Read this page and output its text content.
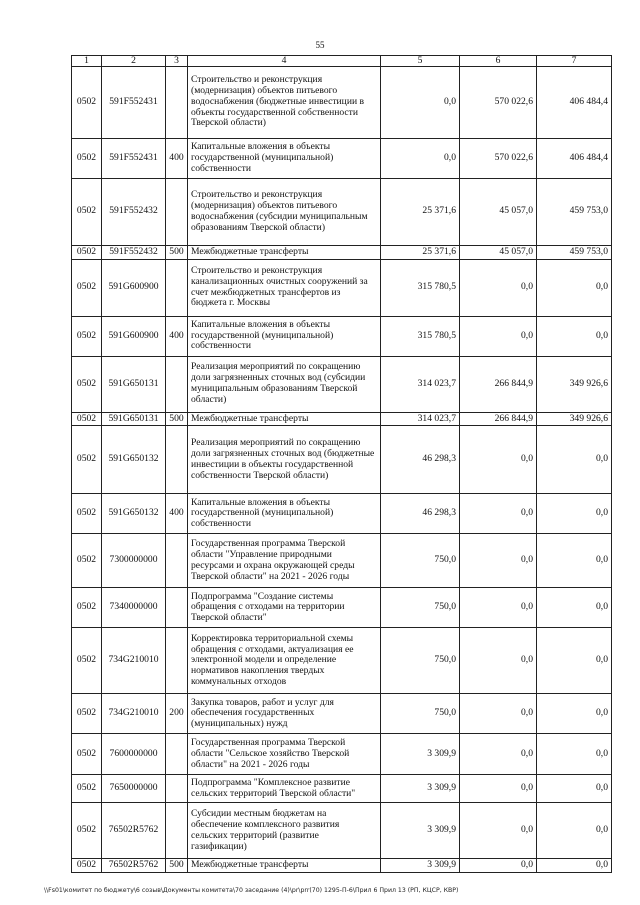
55
1	2	3	4	5	6	7
0502	591F552431		Строительство и реконструкция (модернизация) объектов питьевого водоснабжения (бюджетные инвестиции в объекты государственной собственности Тверской области)	0,0	570 022,6	406 484,4
0502	591F552431	400	Капитальные вложения в объекты государственной (муниципальной) собственности	0,0	570 022,6	406 484,4
0502	591F552432		Строительство и реконструкция (модернизация) объектов питьевого водоснабжения (субсидии муниципальным образованиям Тверской области)	25 371,6	45 057,0	459 753,0
0502	591F552432	500	Межбюджетные трансферты	25 371,6	45 057,0	459 753,0
0502	591G600900		Строительство и реконструкция канализационных очистных сооружений за счет межбюджетных трансфертов из бюджета г. Москвы	315 780,5	0,0	0,0
0502	591G600900	400	Капитальные вложения в объекты государственной (муниципальной) собственности	315 780,5	0,0	0,0
0502	591G650131		Реализация мероприятий по сокращению доли загрязненных сточных вод (субсидии муниципальным образованиям Тверской области)	314 023,7	266 844,9	349 926,6
0502	591G650131	500	Межбюджетные трансферты	314 023,7	266 844,9	349 926,6
0502	591G650132		Реализация мероприятий по сокращению доли загрязненных сточных вод (бюджетные инвестиции в объекты государственной собственности Тверской области)	46 298,3	0,0	0,0
0502	591G650132	400	Капитальные вложения в объекты государственной (муниципальной) собственности	46 298,3	0,0	0,0
0502	7300000000		Государственная программа Тверской области "Управление природными ресурсами и охрана окружающей среды Тверской области" на 2021 - 2026 годы	750,0	0,0	0,0
0502	7340000000		Подпрограмма "Создание системы обращения с отходами на территории Тверской области"	750,0	0,0	0,0
0502	734G210010		Корректировка территориальной схемы обращения с отходами, актуализация ее электронной модели и определение нормативов накопления твердых коммунальных отходов	750,0	0,0	0,0
0502	734G210010	200	Закупка товаров, работ и услуг для обеспечения государственных (муниципальных) нужд	750,0	0,0	0,0
0502	7600000000		Государственная программа Тверской области "Сельское хозяйство Тверской области" на 2021 - 2026 годы	3 309,9	0,0	0,0
0502	7650000000		Подпрограмма "Комплексное развитие сельских территорий Тверской области"	3 309,9	0,0	0,0
0502	76502R5762		Субсидии местным бюджетам на обеспечение комплексного развития сельских территорий (развитие газификации)	3 309,9	0,0	0,0
0502	76502R5762	500	Межбюджетные трансферты	3 309,9	0,0	0,0
\\Fs01\комитет по бюджету\6 созыв\Документы комитета\70 заседание (4)\pr\prr(70) 1295-П-6\Прил 6 Прил 13 (РП, КЦСР, КВР)
